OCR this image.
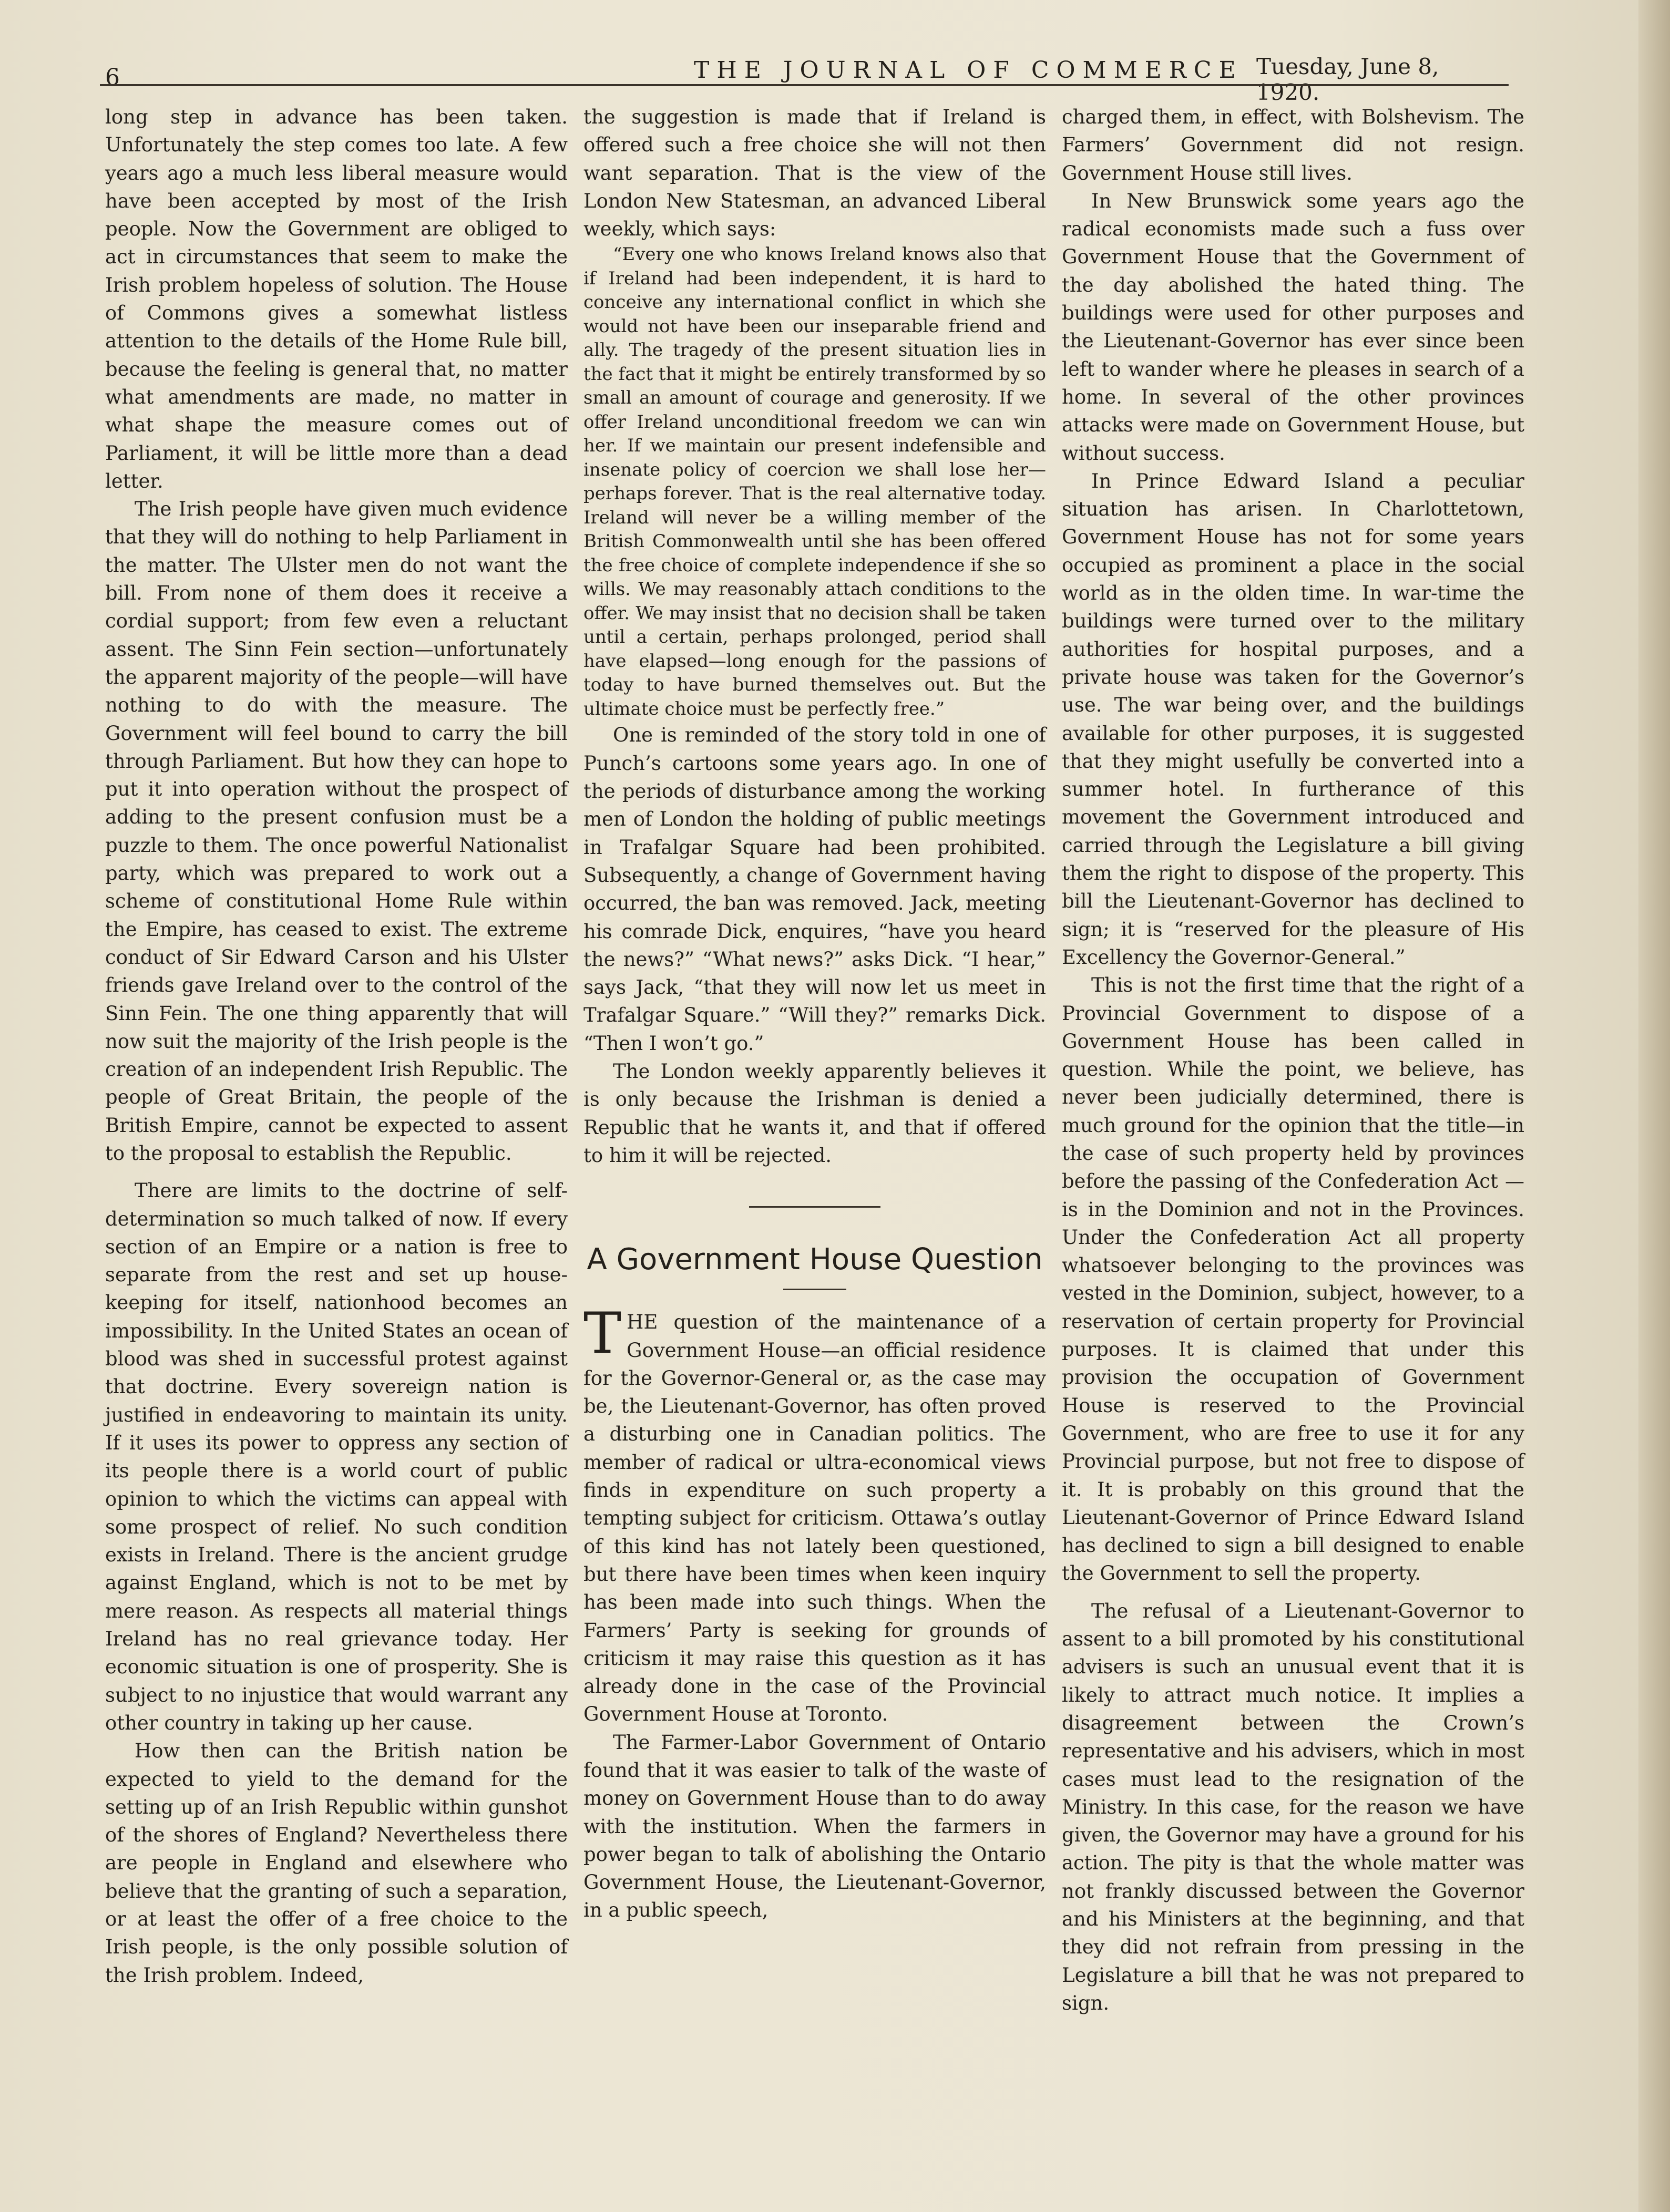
6	THE JOURNAL OF COMMERCE Tuesday, June 8, 1920.

long step in advance has been taken. Unfortunately the step comes too late. A few years ago a much less liberal measure would have been accepted by most of the Irish people. Now the Government are obliged to act in circumstances that seem to make the Irish problem hopeless of solution. The House of Commons gives a somewhat listless attention to the details of the Home Rule bill, because the feeling is general that, no matter what amendments are made, no matter in what shape the measure comes out of Parliament, it will be little more than a dead letter.

The Irish people have given much evidence that they will do nothing to help Parliament in the matter. The Ulster men do not want the bill. From none of them does it receive a cordial support; from few even a reluctant assent. The Sinn Fein section—unfortunately the apparent majority of the people—will have nothing to do with the measure. The Government will feel bound to carry the bill through Parliament. But how they can hope to put it into operation without the prospect of adding to the present confusion must be a puzzle to them. The once powerful Nationalist party, which was prepared to work out a scheme of constitutional Home Rule within the Empire, has ceased to exist. The extreme conduct of Sir Edward Carson and his Ulster friends gave Ireland over to the control of the Sinn Fein. The one thing apparently that will now suit the majority of the Irish people is the creation of an independent Irish Republic. The people of Great Britain, the people of the British Empire, cannot be expected to assent to the proposal to establish the Republic.

There are limits to the doctrine of self-determination so much talked of now. If every section of an Empire or a nation is free to separate from the rest and set up house-keeping for itself, nationhood becomes an impossibility. In the United States an ocean of blood was shed in successful protest against that doctrine. Every sovereign nation is justified in endeavoring to maintain its unity. If it uses its power to oppress any section of its people there is a world court of public opinion to which the victims can appeal with some prospect of relief. No such condition exists in Ireland. There is the ancient grudge against England, which is not to be met by mere reason. As respects all material things Ireland has no real grievance today. Her economic situation is one of prosperity. She is subject to no injustice that would warrant any other country in taking up her cause.

How then can the British nation be expected to yield to the demand for the setting up of an Irish Republic within gunshot of the shores of England? Nevertheless there are people in England and elsewhere who believe that the granting of such a separation, or at least the offer of a free choice to the Irish people, is the only possible solution of the Irish problem. Indeed,

the suggestion is made that if Ireland is offered such a free choice she will not then want separation. That is the view of the London New Statesman, an advanced Liberal weekly, which says:

“Every one who knows Ireland knows also that if Ireland had been independent, it is hard to conceive any international conflict in which she would not have been our inseparable friend and ally. The tragedy of the present situation lies in the fact that it might be entirely transformed by so small an amount of courage and generosity. If we offer Ireland unconditional freedom we can win her. If we maintain our present indefensible and insenate policy of coercion we shall lose her—perhaps forever. That is the real alternative today. Ireland will never be a willing member of the British Commonwealth until she has been offered the free choice of complete independence if she so wills. We may reasonably attach conditions to the offer. We may insist that no decision shall be taken until a certain, perhaps prolonged, period shall have elapsed—long enough for the passions of today to have burned themselves out. But the ultimate choice must be perfectly free.”

One is reminded of the story told in one of Punch’s cartoons some years ago. In one of the periods of disturbance among the working men of London the holding of public meetings in Trafalgar Square had been prohibited. Subsequently, a change of Government having occurred, the ban was removed. Jack, meeting his comrade Dick, enquires, “have you heard the news?” “What news?” asks Dick. “I hear,” says Jack, “that they will now let us meet in Trafalgar Square.” “Will they?” remarks Dick. “Then I won’t go.”

The London weekly apparently believes it is only because the Irishman is denied a Republic that he wants it, and that if offered to him it will be rejected.

A Government House Question

THE question of the maintenance of a Government House—an official residence for the Governor-General or, as the case may be, the Lieutenant-Governor, has often proved a disturbing one in Canadian politics. The member of radical or ultra-economical views finds in expenditure on such property a tempting subject for criticism. Ottawa’s outlay of this kind has not lately been questioned, but there have been times when keen inquiry has been made into such things. When the Farmers’ Party is seeking for grounds of criticism it may raise this question as it has already done in the case of the Provincial Government House at Toronto.

The Farmer-Labor Government of Ontario found that it was easier to talk of the waste of money on Government House than to do away with the institution. When the farmers in power began to talk of abolishing the Ontario Government House, the Lieutenant-Governor, in a public speech,

charged them, in effect, with Bolshevism. The Farmers’ Government did not resign. Government House still lives.

In New Brunswick some years ago the radical economists made such a fuss over Government House that the Government of the day abolished the hated thing. The buildings were used for other purposes and the Lieutenant-Governor has ever since been left to wander where he pleases in search of a home. In several of the other provinces attacks were made on Government House, but without success.

In Prince Edward Island a peculiar situation has arisen. In Charlottetown, Government House has not for some years occupied as prominent a place in the social world as in the olden time. In war-time the buildings were turned over to the military authorities for hospital purposes, and a private house was taken for the Governor’s use. The war being over, and the buildings available for other purposes, it is suggested that they might usefully be converted into a summer hotel. In furtherance of this movement the Government introduced and carried through the Legislature a bill giving them the right to dispose of the property. This bill the Lieutenant-Governor has declined to sign; it is “reserved for the pleasure of His Excellency the Governor-General.”

This is not the first time that the right of a Provincial Government to dispose of a Government House has been called in question. While the point, we believe, has never been judicially determined, there is much ground for the opinion that the title—in the case of such property held by provinces before the passing of the Confederation Act —is in the Dominion and not in the Provinces. Under the Confederation Act all property whatsoever belonging to the provinces was vested in the Dominion, subject, however, to a reservation of certain property for Provincial purposes. It is claimed that under this provision the occupation of Government House is reserved to the Provincial Government, who are free to use it for any Provincial purpose, but not free to dispose of it. It is probably on this ground that the Lieutenant-Governor of Prince Edward Island has declined to sign a bill designed to enable the Government to sell the property.

The refusal of a Lieutenant-Governor to assent to a bill promoted by his constitutional advisers is such an unusual event that it is likely to attract much notice. It implies a disagreement between the Crown’s representative and his advisers, which in most cases must lead to the resignation of the Ministry. In this case, for the reason we have given, the Governor may have a ground for his action. The pity is that the whole matter was not frankly discussed between the Governor and his Ministers at the beginning, and that they did not refrain from pressing in the Legislature a bill that he was not prepared to sign.
